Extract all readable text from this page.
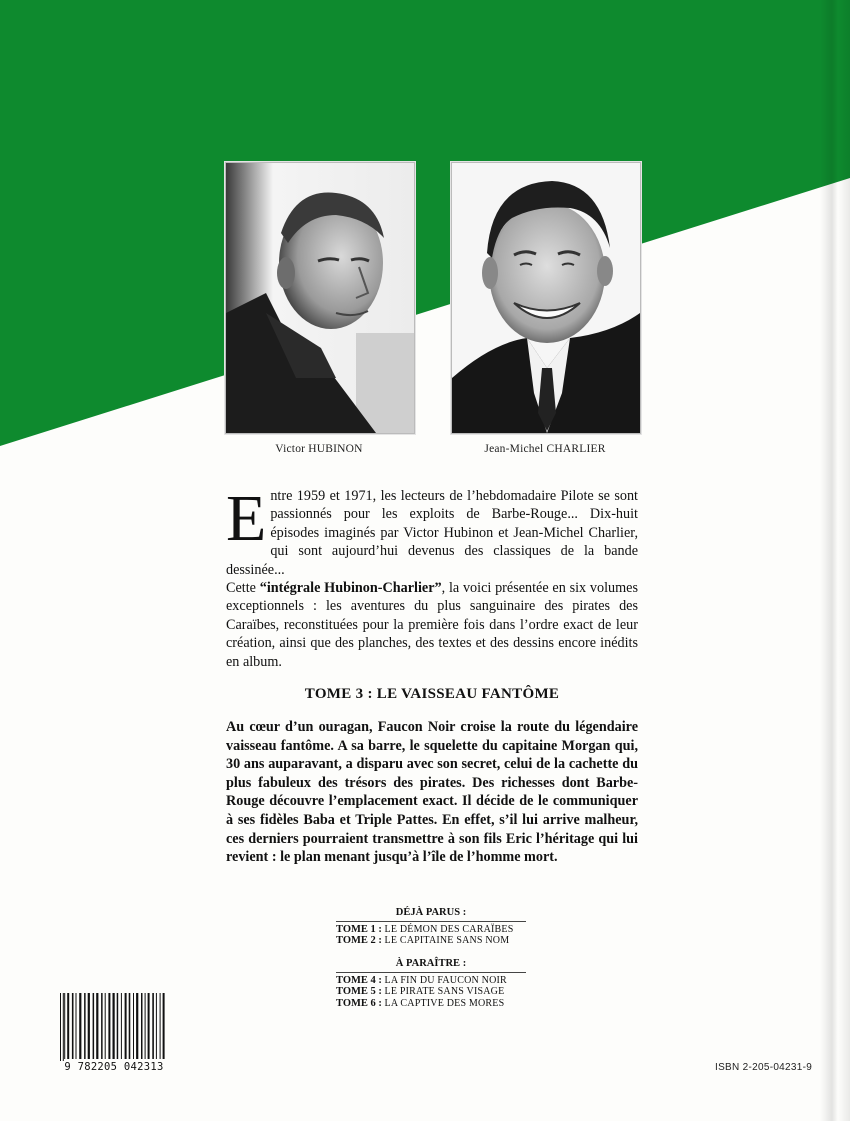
Victor HUBINON	Jean-Michel CHARLIER
E ntre 1959 et 1971, les lecteurs de l’hebdomadaire Pilote se sont passionnés pour les exploits de Barbe-Rouge... Dix-huit épisodes imaginés par Victor Hubinon et Jean-Michel Charlier, qui sont aujourd’hui devenus des classiques de la bande dessinée...

Cette “intégrale Hubinon-Charlier”, la voici présentée en six volumes exceptionnels : les aventures du plus sanguinaire des pirates des Caraïbes, reconstituées pour la première fois dans l’ordre exact de leur création, ainsi que des planches, des textes et des dessins encore inédits en album.

TOME 3 : LE VAISSEAU FANTÔME
Au cœur d’un ouragan, Faucon Noir croise la route du légendaire vaisseau fantôme. A sa barre, le squelette du capitaine Morgan qui, 30 ans auparavant, a disparu avec son secret, celui de la cachette du plus fabuleux des trésors des pirates. Des richesses dont Barbe-Rouge découvre l’emplacement exact. Il décide de le communiquer à ses fidèles Baba et Triple Pattes. En effet, s’il lui arrive malheur, ces derniers pourraient transmettre à son fils Eric l’héritage qui lui revient : le plan menant jusqu’à l’île de l’homme mort.
DÉJÀ PARUS :
TOME 1 : LE DÉMON DES CARAÏBES
TOME 2 : LE CAPITAINE SANS NOM
À PARAÎTRE :
TOME 4 : LA FIN DU FAUCON NOIR
TOME 5 : LE PIRATE SANS VISAGE
TOME 6 : LA CAPTIVE DES MORES
9 782205 042313	ISBN 2-205-04231-9
